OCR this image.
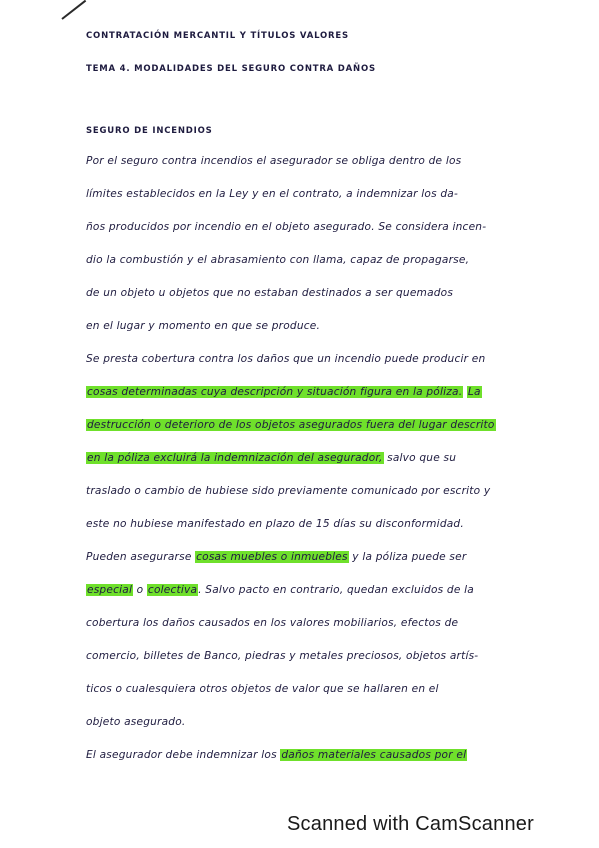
CONTRATACIÓN MERCANTIL Y TÍTULOS VALORES
TEMA 4. MODALIDADES DEL SEGURO CONTRA DAÑOS
SEGURO DE INCENDIOS
Por el seguro contra incendios el asegurador se obliga dentro de los
límites establecidos en la Ley y en el contrato, a indemnizar los da-
ños producidos por incendio en el objeto asegurado. Se considera incen-
dio la combustión y el abrasamiento con llama, capaz de propagarse,
de un objeto u objetos que no estaban destinados a ser quemados
en el lugar y momento en que se produce.
Se presta cobertura contra los daños que un incendio puede producir en
cosas determinadas cuya descripción y situación figura en la póliza. La
destrucción o deterioro de los objetos asegurados fuera del lugar descrito
en la póliza excluirá la indemnización del asegurador, salvo que su
traslado o cambio de hubiese sido previamente comunicado por escrito y
este no hubiese manifestado en plazo de 15 días su disconformidad.
Pueden asegurarse cosas muebles o inmuebles y la póliza puede ser
especial o colectiva. Salvo pacto en contrario, quedan excluidos de la
cobertura los daños causados en los valores mobiliarios, efectos de
comercio, billetes de Banco, piedras y metales preciosos, objetos artís-
ticos o cualesquiera otros objetos de valor que se hallaren en el
objeto asegurado.
El asegurador debe indemnizar los daños materiales causados por el
Scanned with CamScanner
